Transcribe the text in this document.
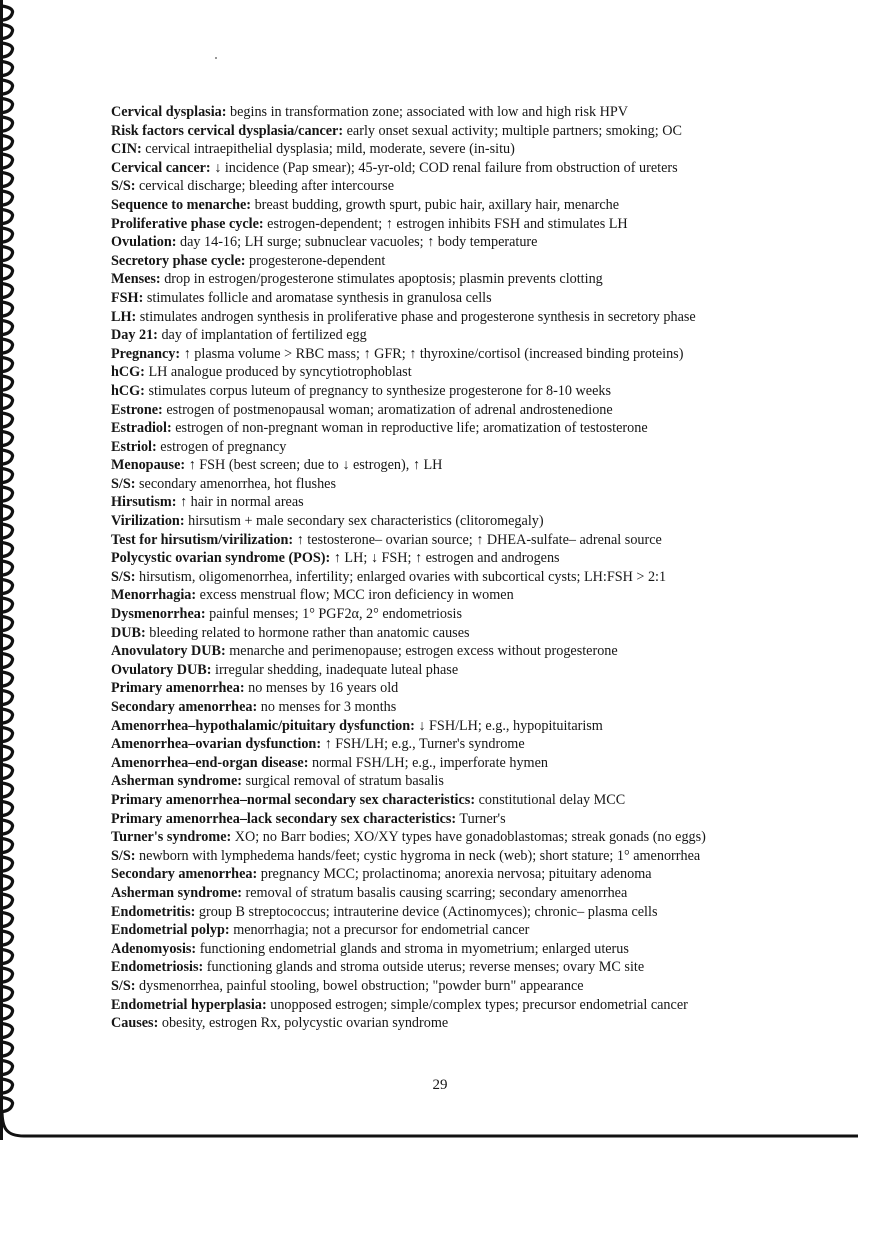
Cervical dysplasia: begins in transformation zone; associated with low and high risk HPV
Risk factors cervical dysplasia/cancer: early onset sexual activity; multiple partners; smoking; OC
CIN: cervical intraepithelial dysplasia; mild, moderate, severe (in-situ)
Cervical cancer: ↓ incidence (Pap smear); 45-yr-old; COD renal failure from obstruction of ureters
S/S: cervical discharge; bleeding after intercourse
Sequence to menarche: breast budding, growth spurt, pubic hair, axillary hair, menarche
Proliferative phase cycle: estrogen-dependent; ↑ estrogen inhibits FSH and stimulates LH
Ovulation: day 14-16; LH surge; subnuclear vacuoles; ↑ body temperature
Secretory phase cycle: progesterone-dependent
Menses: drop in estrogen/progesterone stimulates apoptosis; plasmin prevents clotting
FSH: stimulates follicle and aromatase synthesis in granulosa cells
LH: stimulates androgen synthesis in proliferative phase and progesterone synthesis in secretory phase
Day 21: day of implantation of fertilized egg
Pregnancy: ↑ plasma volume > RBC mass; ↑ GFR; ↑ thyroxine/cortisol (increased binding proteins)
hCG: LH analogue produced by syncytiotrophoblast
hCG: stimulates corpus luteum of pregnancy to synthesize progesterone for 8-10 weeks
Estrone: estrogen of postmenopausal woman; aromatization of adrenal androstenedione
Estradiol: estrogen of non-pregnant woman in reproductive life; aromatization of testosterone
Estriol: estrogen of pregnancy
Menopause: ↑ FSH (best screen; due to ↓ estrogen), ↑ LH
S/S: secondary amenorrhea, hot flushes
Hirsutism: ↑ hair in normal areas
Virilization: hirsutism + male secondary sex characteristics (clitoromegaly)
Test for hirsutism/virilization: ↑ testosterone– ovarian source; ↑ DHEA-sulfate– adrenal source
Polycystic ovarian syndrome (POS): ↑ LH; ↓ FSH; ↑ estrogen and androgens
S/S: hirsutism, oligomenorrhea, infertility; enlarged ovaries with subcortical cysts; LH:FSH > 2:1
Menorrhagia: excess menstrual flow; MCC iron deficiency in women
Dysmenorrhea: painful menses; 1° PGF2α, 2° endometriosis
DUB: bleeding related to hormone rather than anatomic causes
Anovulatory DUB: menarche and perimenopause; estrogen excess without progesterone
Ovulatory DUB: irregular shedding, inadequate luteal phase
Primary amenorrhea: no menses by 16 years old
Secondary amenorrhea: no menses for 3 months
Amenorrhea–hypothalamic/pituitary dysfunction: ↓ FSH/LH; e.g., hypopituitarism
Amenorrhea–ovarian dysfunction: ↑ FSH/LH; e.g., Turner's syndrome
Amenorrhea–end-organ disease: normal FSH/LH; e.g., imperforate hymen
Asherman syndrome: surgical removal of stratum basalis
Primary amenorrhea–normal secondary sex characteristics: constitutional delay MCC
Primary amenorrhea–lack secondary sex characteristics: Turner's
Turner's syndrome: XO; no Barr bodies; XO/XY types have gonadoblastomas; streak gonads (no eggs)
S/S: newborn with lymphedema hands/feet; cystic hygroma in neck (web); short stature; 1° amenorrhea
Secondary amenorrhea: pregnancy MCC; prolactinoma; anorexia nervosa; pituitary adenoma
Asherman syndrome: removal of stratum basalis causing scarring; secondary amenorrhea
Endometritis: group B streptococcus; intrauterine device (Actinomyces); chronic– plasma cells
Endometrial polyp: menorrhagia; not a precursor for endometrial cancer
Adenomyosis: functioning endometrial glands and stroma in myometrium; enlarged uterus
Endometriosis: functioning glands and stroma outside uterus; reverse menses; ovary MC site
S/S: dysmenorrhea, painful stooling, bowel obstruction; "powder burn" appearance
Endometrial hyperplasia: unopposed estrogen; simple/complex types; precursor endometrial cancer
Causes: obesity, estrogen Rx, polycystic ovarian syndrome
29
